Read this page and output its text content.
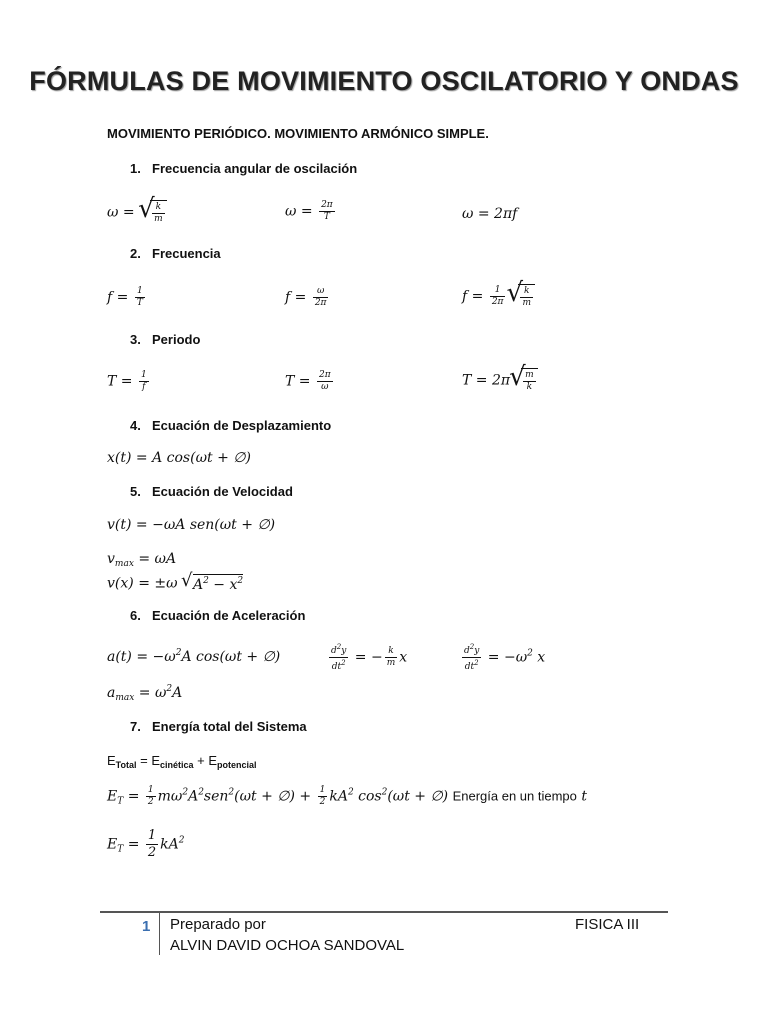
FÓRMULAS DE MOVIMIENTO OSCILATORIO Y ONDAS
MOVIMIENTO PERIÓDICO. MOVIMIENTO ARMÓNICO SIMPLE.
1. Frecuencia angular de oscilación
ω = √ $\frac{k}{m}$	$\omega = \frac{2\pi}{T}$	ω = 2πf
2. Frecuencia
$f = \frac{1}{T}$	$f = \frac{\omega}{2\pi}$	$f = \frac{1}{2\pi}$ √ $\frac{k}{m}$
3. Periodo
$T = \frac{1}{f}$	$T = \frac{2\pi}{\omega}$	T = 2π √ $\frac{m}{k}$
4. Ecuación de Desplazamiento
x(t) = A cos(ωt + ∅)
5. Ecuación de Velocidad
v(t) = −ωA sen(ωt + ∅)
$v_{max} = \omega A$
v(x) = ±ω √ $A^2 - x^2$
6. Ecuación de Aceleración
$a(t) = -\omega^2A$ cos(ωt + ∅)	$\frac{d^2y}{dt^2}$ = − $\frac{k}{m}$ x	$\frac{d^2y}{dt^2} = -\omega^2$ x
$a_{max} = \omega^2A$
7. Energía total del Sistema
$E_{Total} = E_{cinética} + E_{potencial}$
$E_T = \frac{1}{2} m\omega^2A^2sen^2(\omega t$ + ∅) + $\frac{1}{2} kA^2$ $\cos^2(\omega t$ + ∅) Energía en un tiempo t
$E_T = \frac{1}{2} kA^2$
1 Preparado por
ALVIN DAVID OCHOA SANDOVAL
FISICA III
